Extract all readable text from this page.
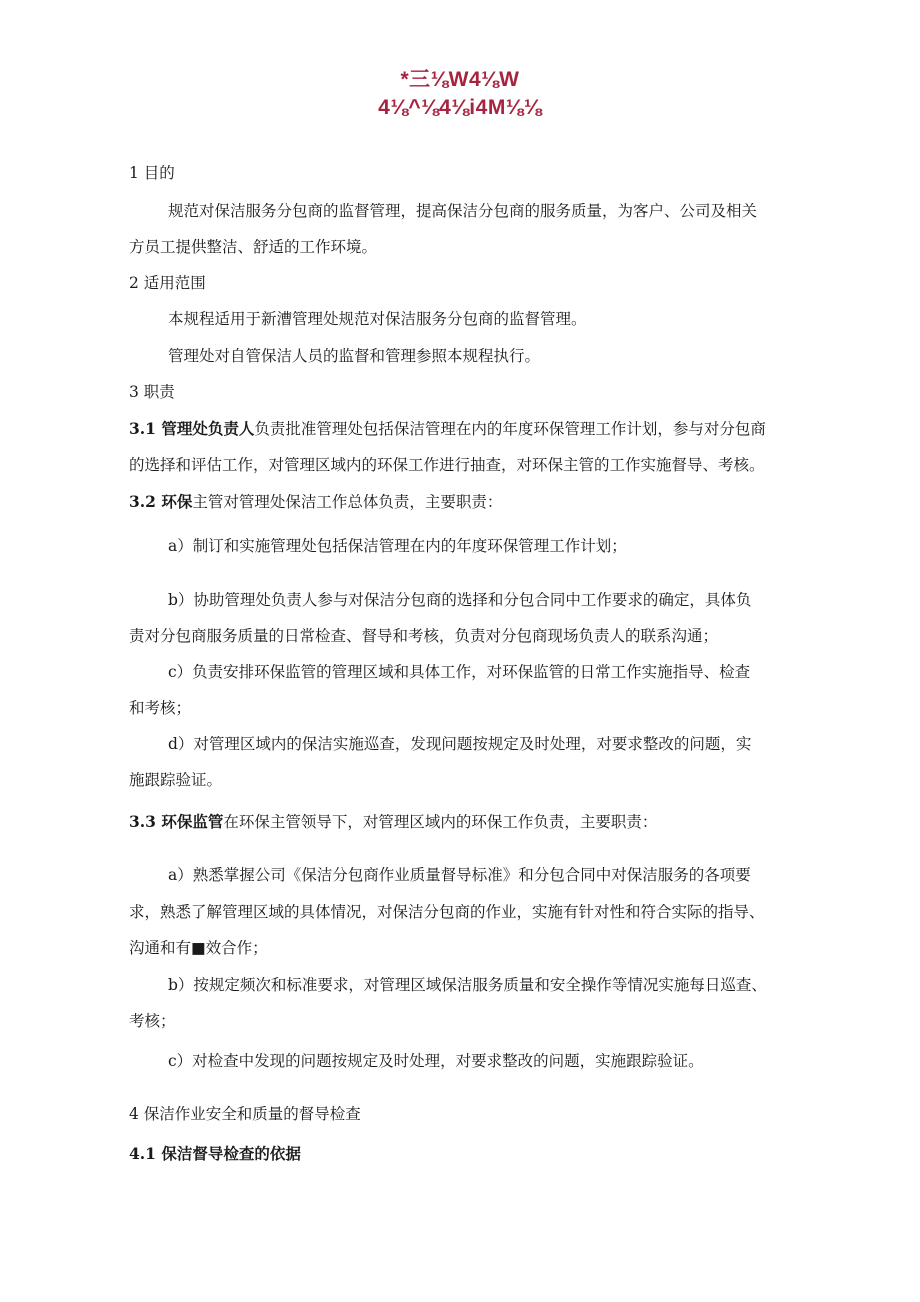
*三⅛W4⅛W
4⅛^⅛4⅛i4M⅛⅛
1 目的
规范对保洁服务分包商的监督管理，提高保洁分包商的服务质量，为客户、公司及相关
方员工提供整洁、舒适的工作环境。
2 适用范围
本规程适用于新漕管理处规范对保洁服务分包商的监督管理。
管理处对自管保洁人员的监督和管理参照本规程执行。
3 职责
3.1 管理处负责人负责批准管理处包括保洁管理在内的年度环保管理工作计划，参与对分包商
的选择和评估工作，对管理区域内的环保工作进行抽查，对环保主管的工作实施督导、考核。
3.2 环保主管对管理处保洁工作总体负责，主要职责：
a）制订和实施管理处包括保洁管理在内的年度环保管理工作计划；
b）协助管理处负责人参与对保洁分包商的选择和分包合同中工作要求的确定，具体负
责对分包商服务质量的日常检查、督导和考核，负责对分包商现场负责人的联系沟通；
c）负责安排环保监管的管理区域和具体工作，对环保监管的日常工作实施指导、检查
和考核；
d）对管理区域内的保洁实施巡查，发现问题按规定及时处理，对要求整改的问题，实
施跟踪验证。
3.3 环保监管在环保主管领导下，对管理区域内的环保工作负责，主要职责：
a）熟悉掌握公司《保洁分包商作业质量督导标准》和分包合同中对保洁服务的各项要
求，熟悉了解管理区域的具体情况，对保洁分包商的作业，实施有针对性和符合实际的指导、
沟通和有■效合作；
b）按规定频次和标准要求，对管理区域保洁服务质量和安全操作等情况实施每日巡查、
考核；
c）对检查中发现的问题按规定及时处理，对要求整改的问题，实施跟踪验证。
4 保洁作业安全和质量的督导检查
4.1 保洁督导检查的依据
